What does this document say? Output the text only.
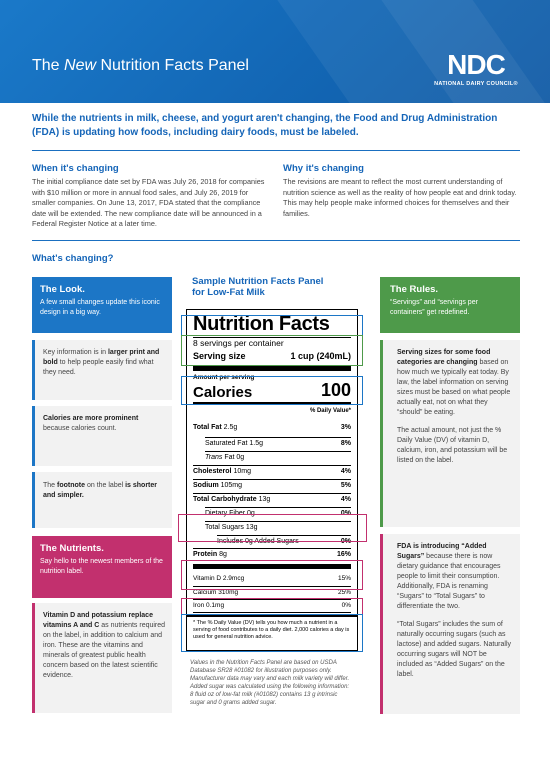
The New Nutrition Facts Panel	NDC
NATIONAL DAIRY COUNCIL®
While the nutrients in milk, cheese, and yogurt aren't changing, the Food and Drug Administration (FDA) is updating how foods, including dairy foods, must be labeled.
When it's changing
The initial compliance date set by FDA was July 26, 2018 for companies with $10 million or more in annual food sales, and July 26, 2019 for smaller companies. On June 13, 2017, FDA stated that the compliance date will be extended. The new compliance date will be announced in a Federal Register Notice at a later time.
Why it's changing
The revisions are meant to reflect the most current understanding of nutrition science as well as the reality of how people eat and drink today. This may help people make informed choices for themselves and their families.
What's changing?
Sample Nutrition Facts Panel
for Low-Fat Milk
The Look.
A few small changes update this iconic design in a big way.
Key information is in larger print and bold to help people easily find what they need.
Calories are more prominent because calories count.
The footnote on the label is shorter and simpler.
The Nutrients.
Say hello to the newest members of the nutrition label.
Vitamin D and potassium replace vitamins A and C as nutrients required on the label, in addition to calcium and iron. These are the vitamins and minerals of greatest public health concern based on the latest scientific evidence.
The Rules.
“Servings” and “servings per containers” get redefined.
Serving sizes for some food categories are changing based on how much we typically eat today. By law, the label information on serving sizes must be based on what people actually eat, not on what they “should” be eating.
The actual amount, not just the % Daily Value (DV) of vitamin D, calcium, iron, and potassium will be listed on the label.
FDA is introducing “Added Sugars” because there is now dietary guidance that encourages people to limit their consumption. Additionally, FDA is renaming “Sugars” to “Total Sugars” to differentiate the two.
“Total Sugars” includes the sum of naturally occurring sugars (such as lactose) and added sugars. Naturally occurring sugars will NOT be included as “Added Sugars” on the label.
Nutrition Facts
8 servings per container
Serving size	1 cup (240mL)
Amount per serving
Calories	100
% Daily Value*
Total Fat 2.5g	3%
Saturated Fat 1.5g	8%
Trans Fat 0g
Cholesterol 10mg	4%
Sodium 105mg	5%
Total Carbohydrate 13g	4%
Dietary Fiber 0g	0%
Total Sugars 13g
Includes 0g Added Sugars	0%
Protein 8g	16%
Vitamin D 2.9mcg	15%
Calcium 310mg	25%
Iron 0.1mg	0%
* The % Daily Value (DV) tells you how much a nutrient in a serving of food contributes to a daily diet. 2,000 calories a day is used for general nutrition advice.
Values in the Nutrition Facts Panel are based on USDA Database SR28 #01082 for illustration purposes only. Manufacturer data may vary and each milk variety will differ. Added sugar was calculated using the following information: 8 fluid oz of low-fat milk (#01082) contains 13 g intrinsic sugar and 0 grams added sugar.
